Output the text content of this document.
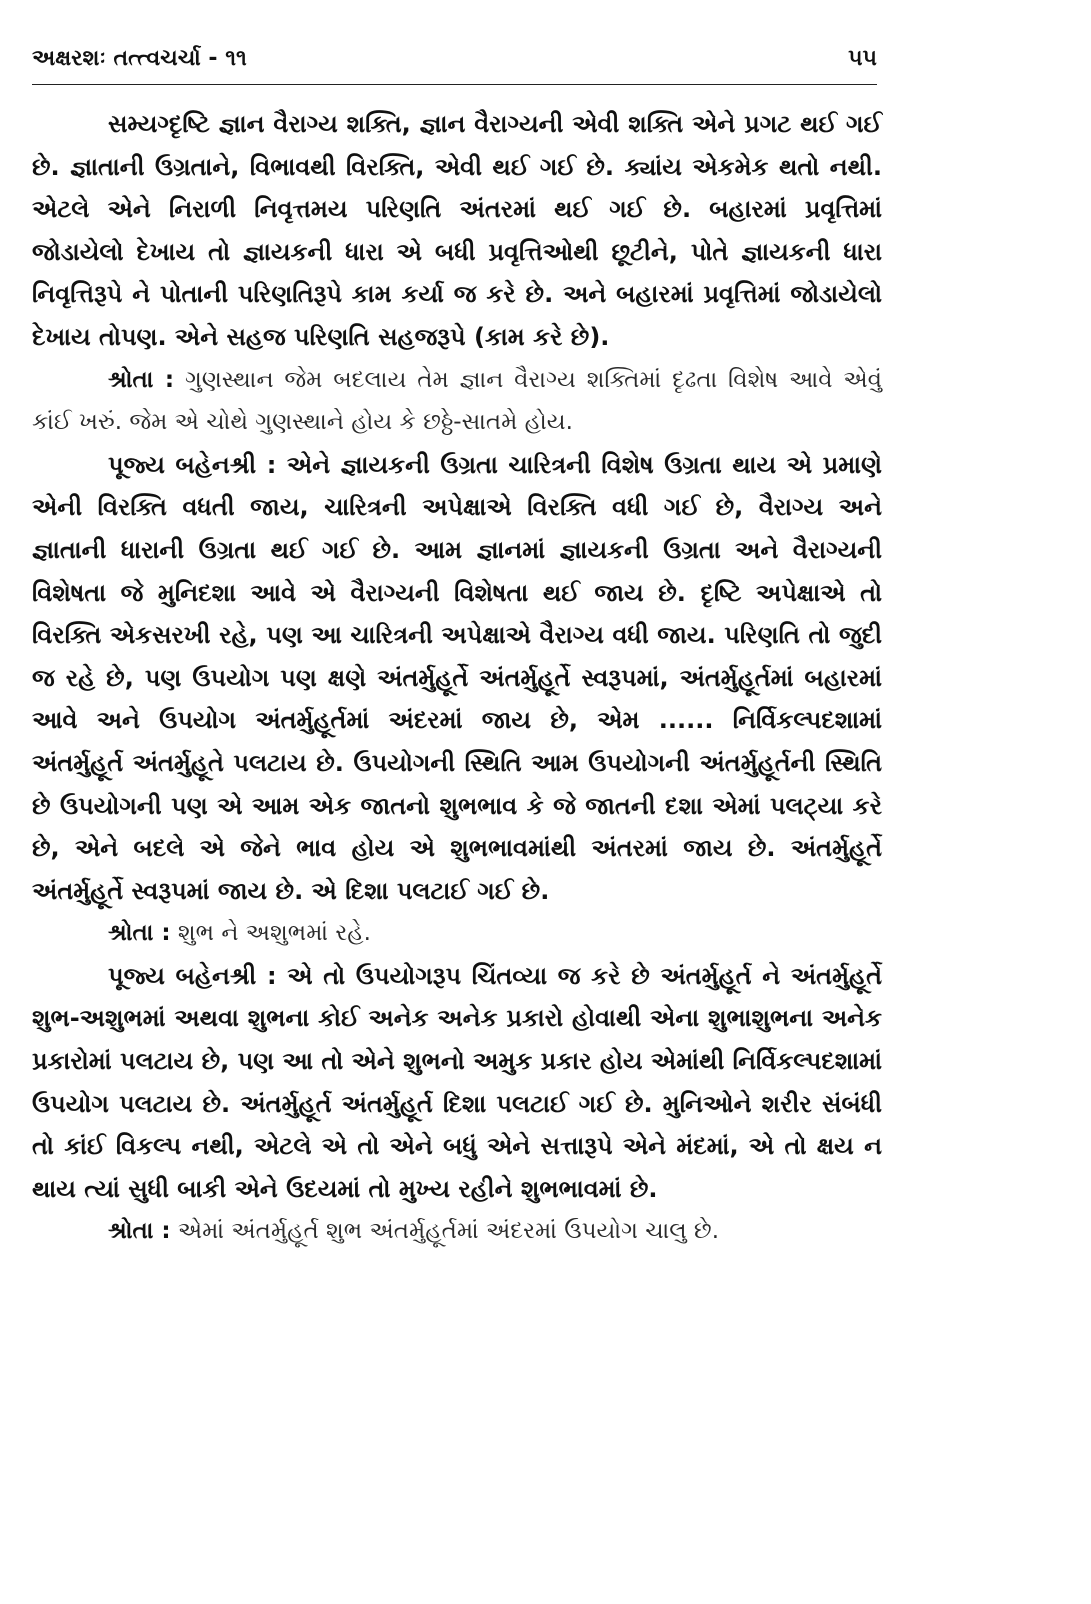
અક્ષરશઃ તત્ત્વચર્ચા - ૧૧	૫૫

સમ્યગ્દૃષ્ટિ જ્ઞાન વૈરાગ્ય શક્તિ, જ્ઞાન વૈરાગ્યની એવી શક્તિ એને પ્રગટ થઈ ગઈ છે. જ્ઞાતાની ઉગ્રતાને, વિભાવથી વિરક્તિ, એવી થઈ ગઈ છે. ક્યાંય એકમેક થતો નથી. એટલે એને નિરાળી નિવૃત્તમય પરિણતિ અંતરમાં થઈ ગઈ છે. બહારમાં પ્રવૃત્તિમાં જોડાયેલો દેખાય તો જ્ઞાયકની ધારા એ બધી પ્રવૃત્તિઓથી છૂટીને, પોતે જ્ઞાયકની ધારા નિવૃત્તિરૂપે ને પોતાની પરિણતિરૂપે કામ કર્યા જ કરે છે. અને બહારમાં પ્રવૃત્તિમાં જોડાયેલો દેખાય તોપણ. એને સહજ પરિણતિ સહજરૂપે (કામ કરે છે).

શ્રોતા : ગુણસ્થાન જેમ બદલાય તેમ જ્ઞાન વૈરાગ્ય શક્તિમાં દૃઢતા વિશેષ આવે એવું કાંઈ ખરું. જેમ એ ચોથે ગુણસ્થાને હોય કે છઠ્ઠે-સાતમે હોય.

પૂજ્ય બહેનશ્રી : એને જ્ઞાયકની ઉગ્રતા ચારિત્રની વિશેષ ઉગ્રતા થાય એ પ્રમાણે એની વિરક્તિ વધતી જાય, ચારિત્રની અપેક્ષાએ વિરક્તિ વધી ગઈ છે, વૈરાગ્ય અને જ્ઞાતાની ધારાની ઉગ્રતા થઈ ગઈ છે. આમ જ્ઞાનમાં જ્ઞાયકની ઉગ્રતા અને વૈરાગ્યની વિશેષતા જે મુનિદશા આવે એ વૈરાગ્યની વિશેષતા થઈ જાય છે. દૃષ્ટિ અપેક્ષાએ તો વિરક્તિ એકસરખી રહે, પણ આ ચારિત્રની અપેક્ષાએ વૈરાગ્ય વધી જાય. પરિણતિ તો જુદી જ રહે છે, પણ ઉપયોગ પણ ક્ષણે અંતર્મુહૂર્તે અંતર્મુહૂર્તે સ્વરૂપમાં, અંતર્મુહૂર્તમાં બહારમાં આવે અને ઉપયોગ અંતર્મુહૂર્તમાં અંદરમાં જાય છે, એમ ...... નિર્વિકલ્પદશામાં અંતર્મુહૂર્ત અંતર્મુહૂતે પલટાય છે. ઉપયોગની સ્થિતિ આમ ઉપયોગની અંતર્મુહૂર્તની સ્થિતિ છે ઉપયોગની પણ એ આમ એક જાતનો શુભભાવ કે જે જાતની દશા એમાં પલટ્યા કરે છે, એને બદલે એ જેને ભાવ હોય એ શુભભાવમાંથી અંતરમાં જાય છે. અંતર્મુહૂર્તે અંતર્મુહૂર્તે સ્વરૂપમાં જાય છે. એ દિશા પલટાઈ ગઈ છે.

શ્રોતા : શુભ ને અશુભમાં રહે.

પૂજ્ય બહેનશ્રી : એ તો ઉપયોગરૂપ ચિંતવ્યા જ કરે છે અંતર્મુહૂર્ત ને અંતર્મુહૂર્તે શુભ-અશુભમાં અથવા શુભના કોઈ અનેક અનેક પ્રકારો હોવાથી એના શુભાશુભના અનેક પ્રકારોમાં પલટાય છે, પણ આ તો એને શુભનો અમુક પ્રકાર હોય એમાંથી નિર્વિકલ્પદશામાં ઉપયોગ પલટાય છે. અંતર્મુહૂર્ત અંતર્મુહૂર્ત દિશા પલટાઈ ગઈ છે. મુનિઓને શરીર સંબંધી તો કાંઈ વિકલ્પ નથી, એટલે એ તો એને બધું એને સત્તારૂપે એને મંદમાં, એ તો ક્ષય ન થાય ત્યાં સુધી બાકી એને ઉદયમાં તો મુખ્ય રહીને શુભભાવમાં છે.

શ્રોતા : એમાં અંતર્મુહૂર્ત શુભ અંતર્મુહૂર્તમાં અંદરમાં ઉપયોગ ચાલુ છે.
